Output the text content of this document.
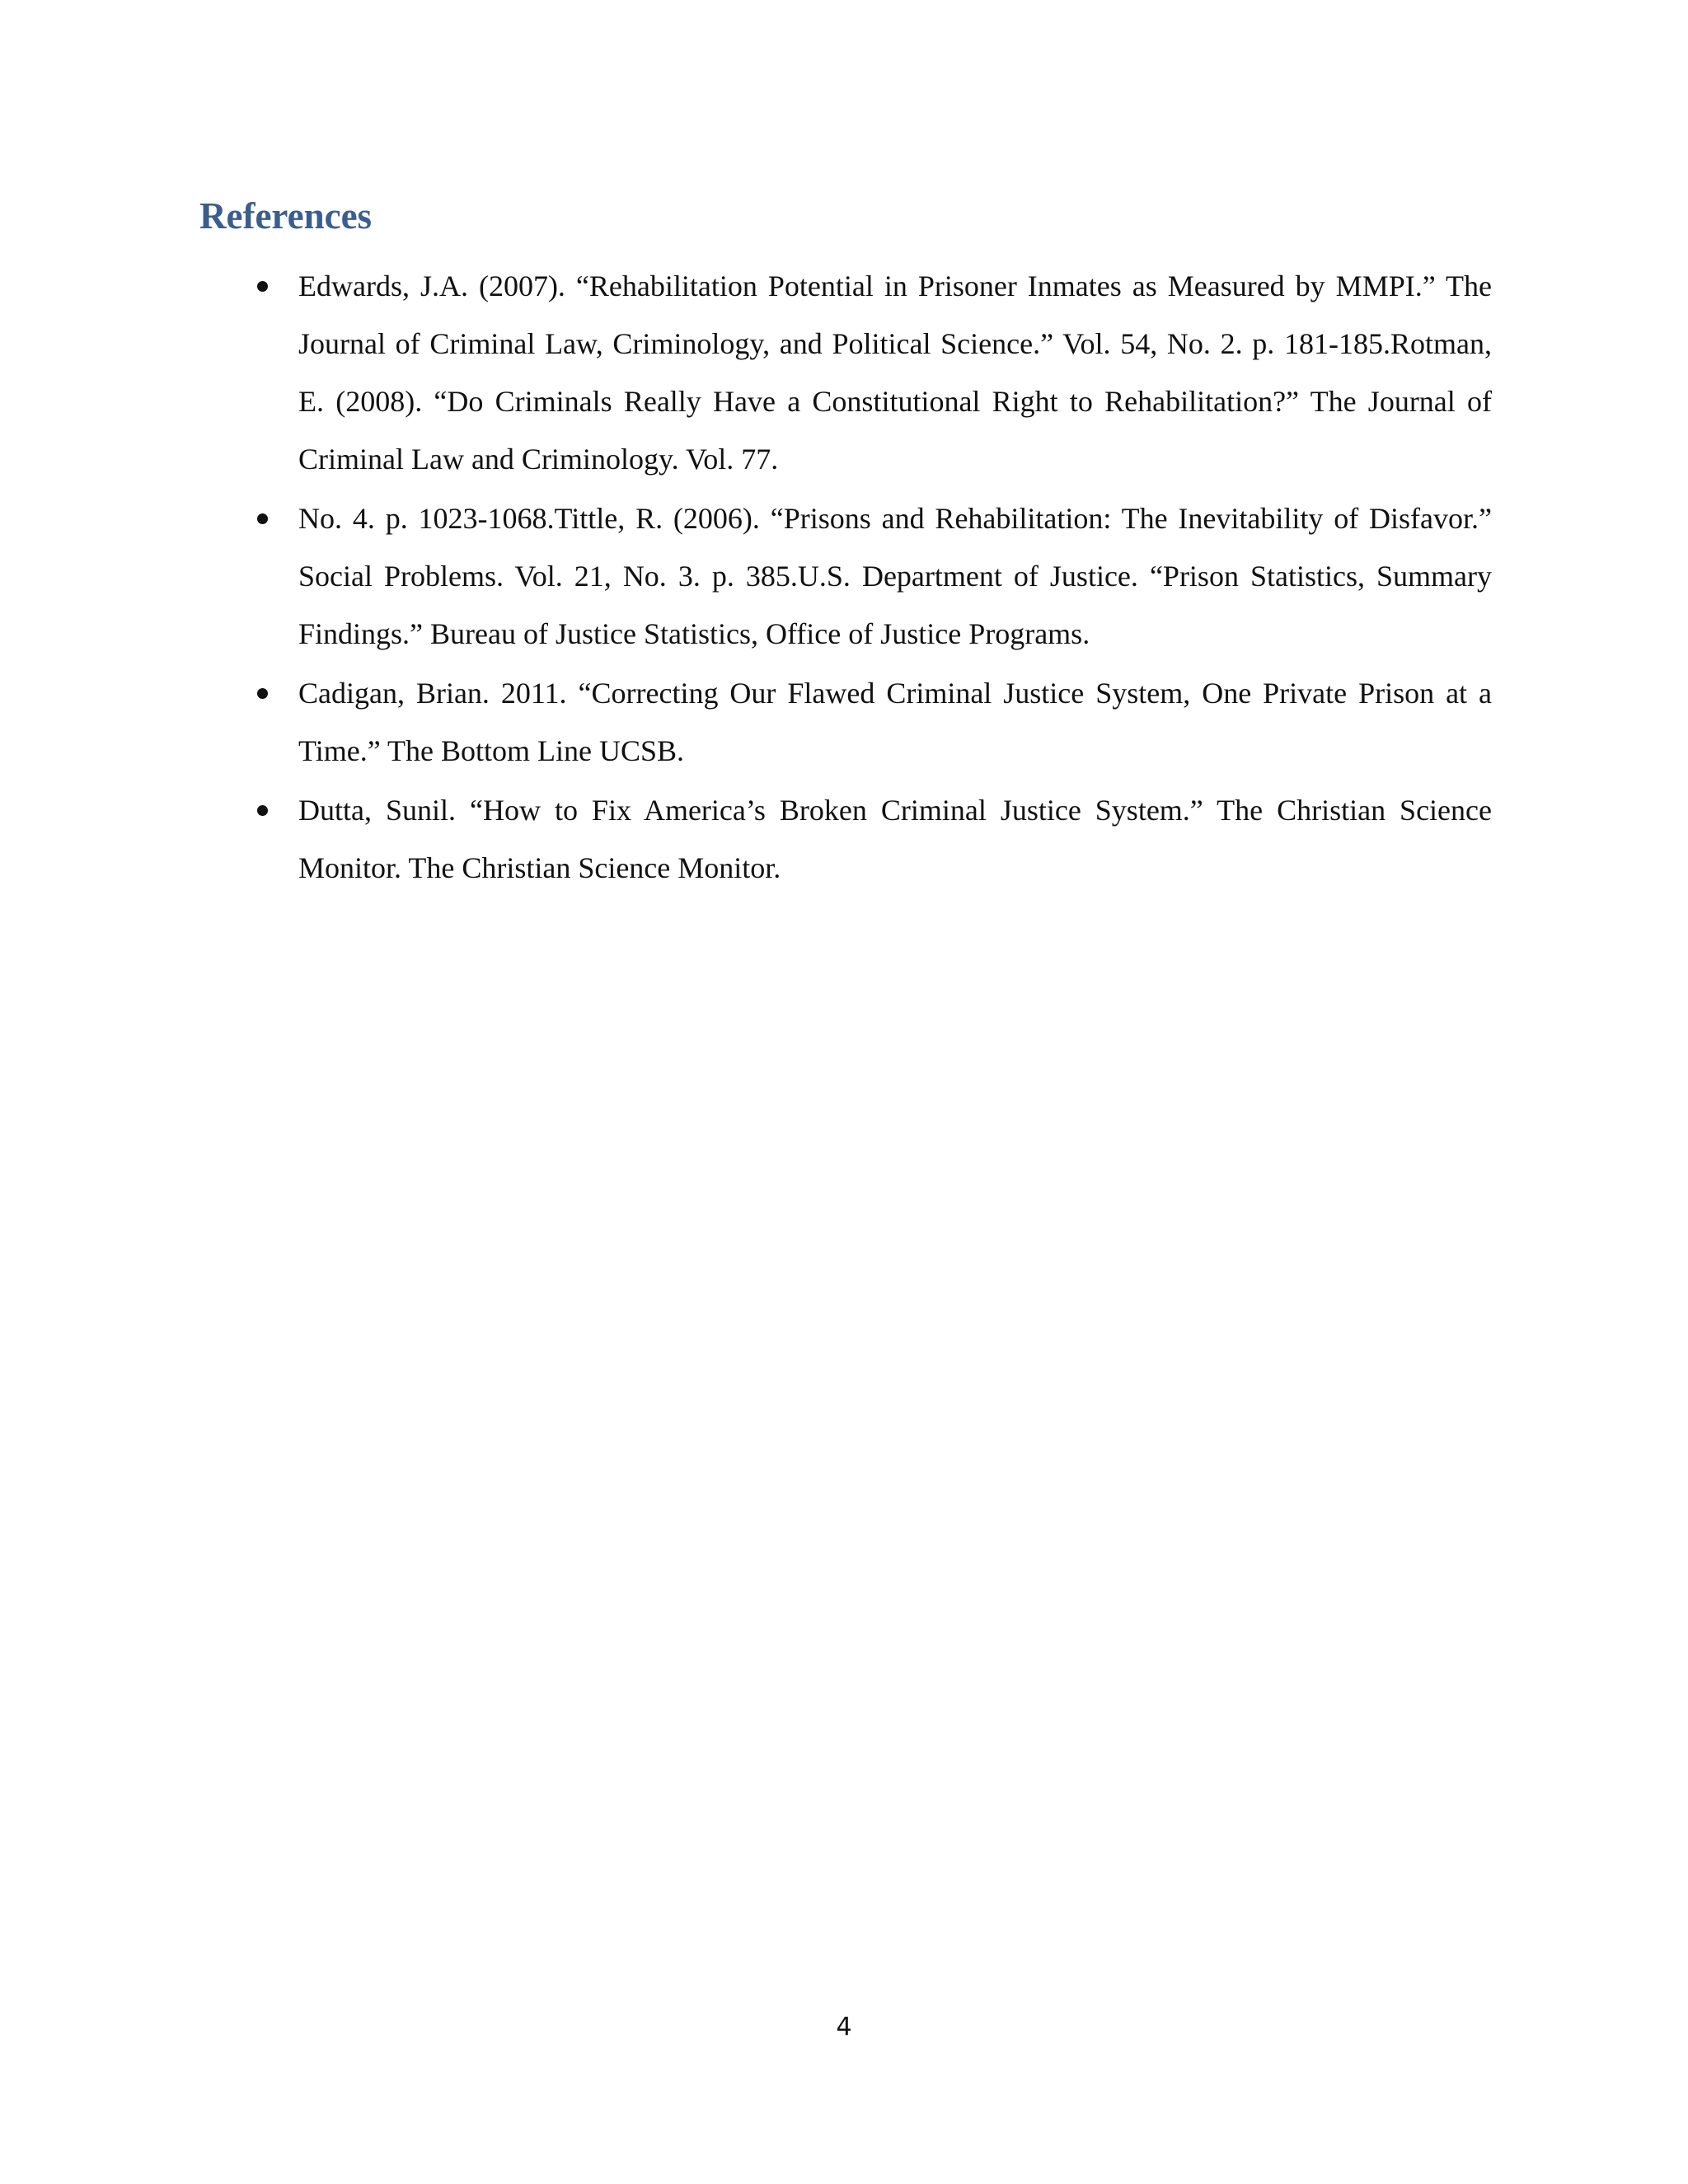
References
Edwards, J.A. (2007). “Rehabilitation Potential in Prisoner Inmates as Measured by MMPI.” The Journal of Criminal Law, Criminology, and Political Science.” Vol. 54, No. 2. p. 181-185.Rotman, E. (2008). “Do Criminals Really Have a Constitutional Right to Rehabilitation?” The Journal of Criminal Law and Criminology. Vol. 77.
No. 4. p. 1023-1068.Tittle, R. (2006). “Prisons and Rehabilitation: The Inevitability of Disfavor.” Social Problems. Vol. 21, No. 3. p. 385.U.S. Department of Justice. “Prison Statistics, Summary Findings.” Bureau of Justice Statistics, Office of Justice Programs.
Cadigan, Brian. 2011. “Correcting Our Flawed Criminal Justice System, One Private Prison at a Time.” The Bottom Line UCSB.
Dutta, Sunil. “How to Fix America’s Broken Criminal Justice System.” The Christian Science Monitor. The Christian Science Monitor.
4
